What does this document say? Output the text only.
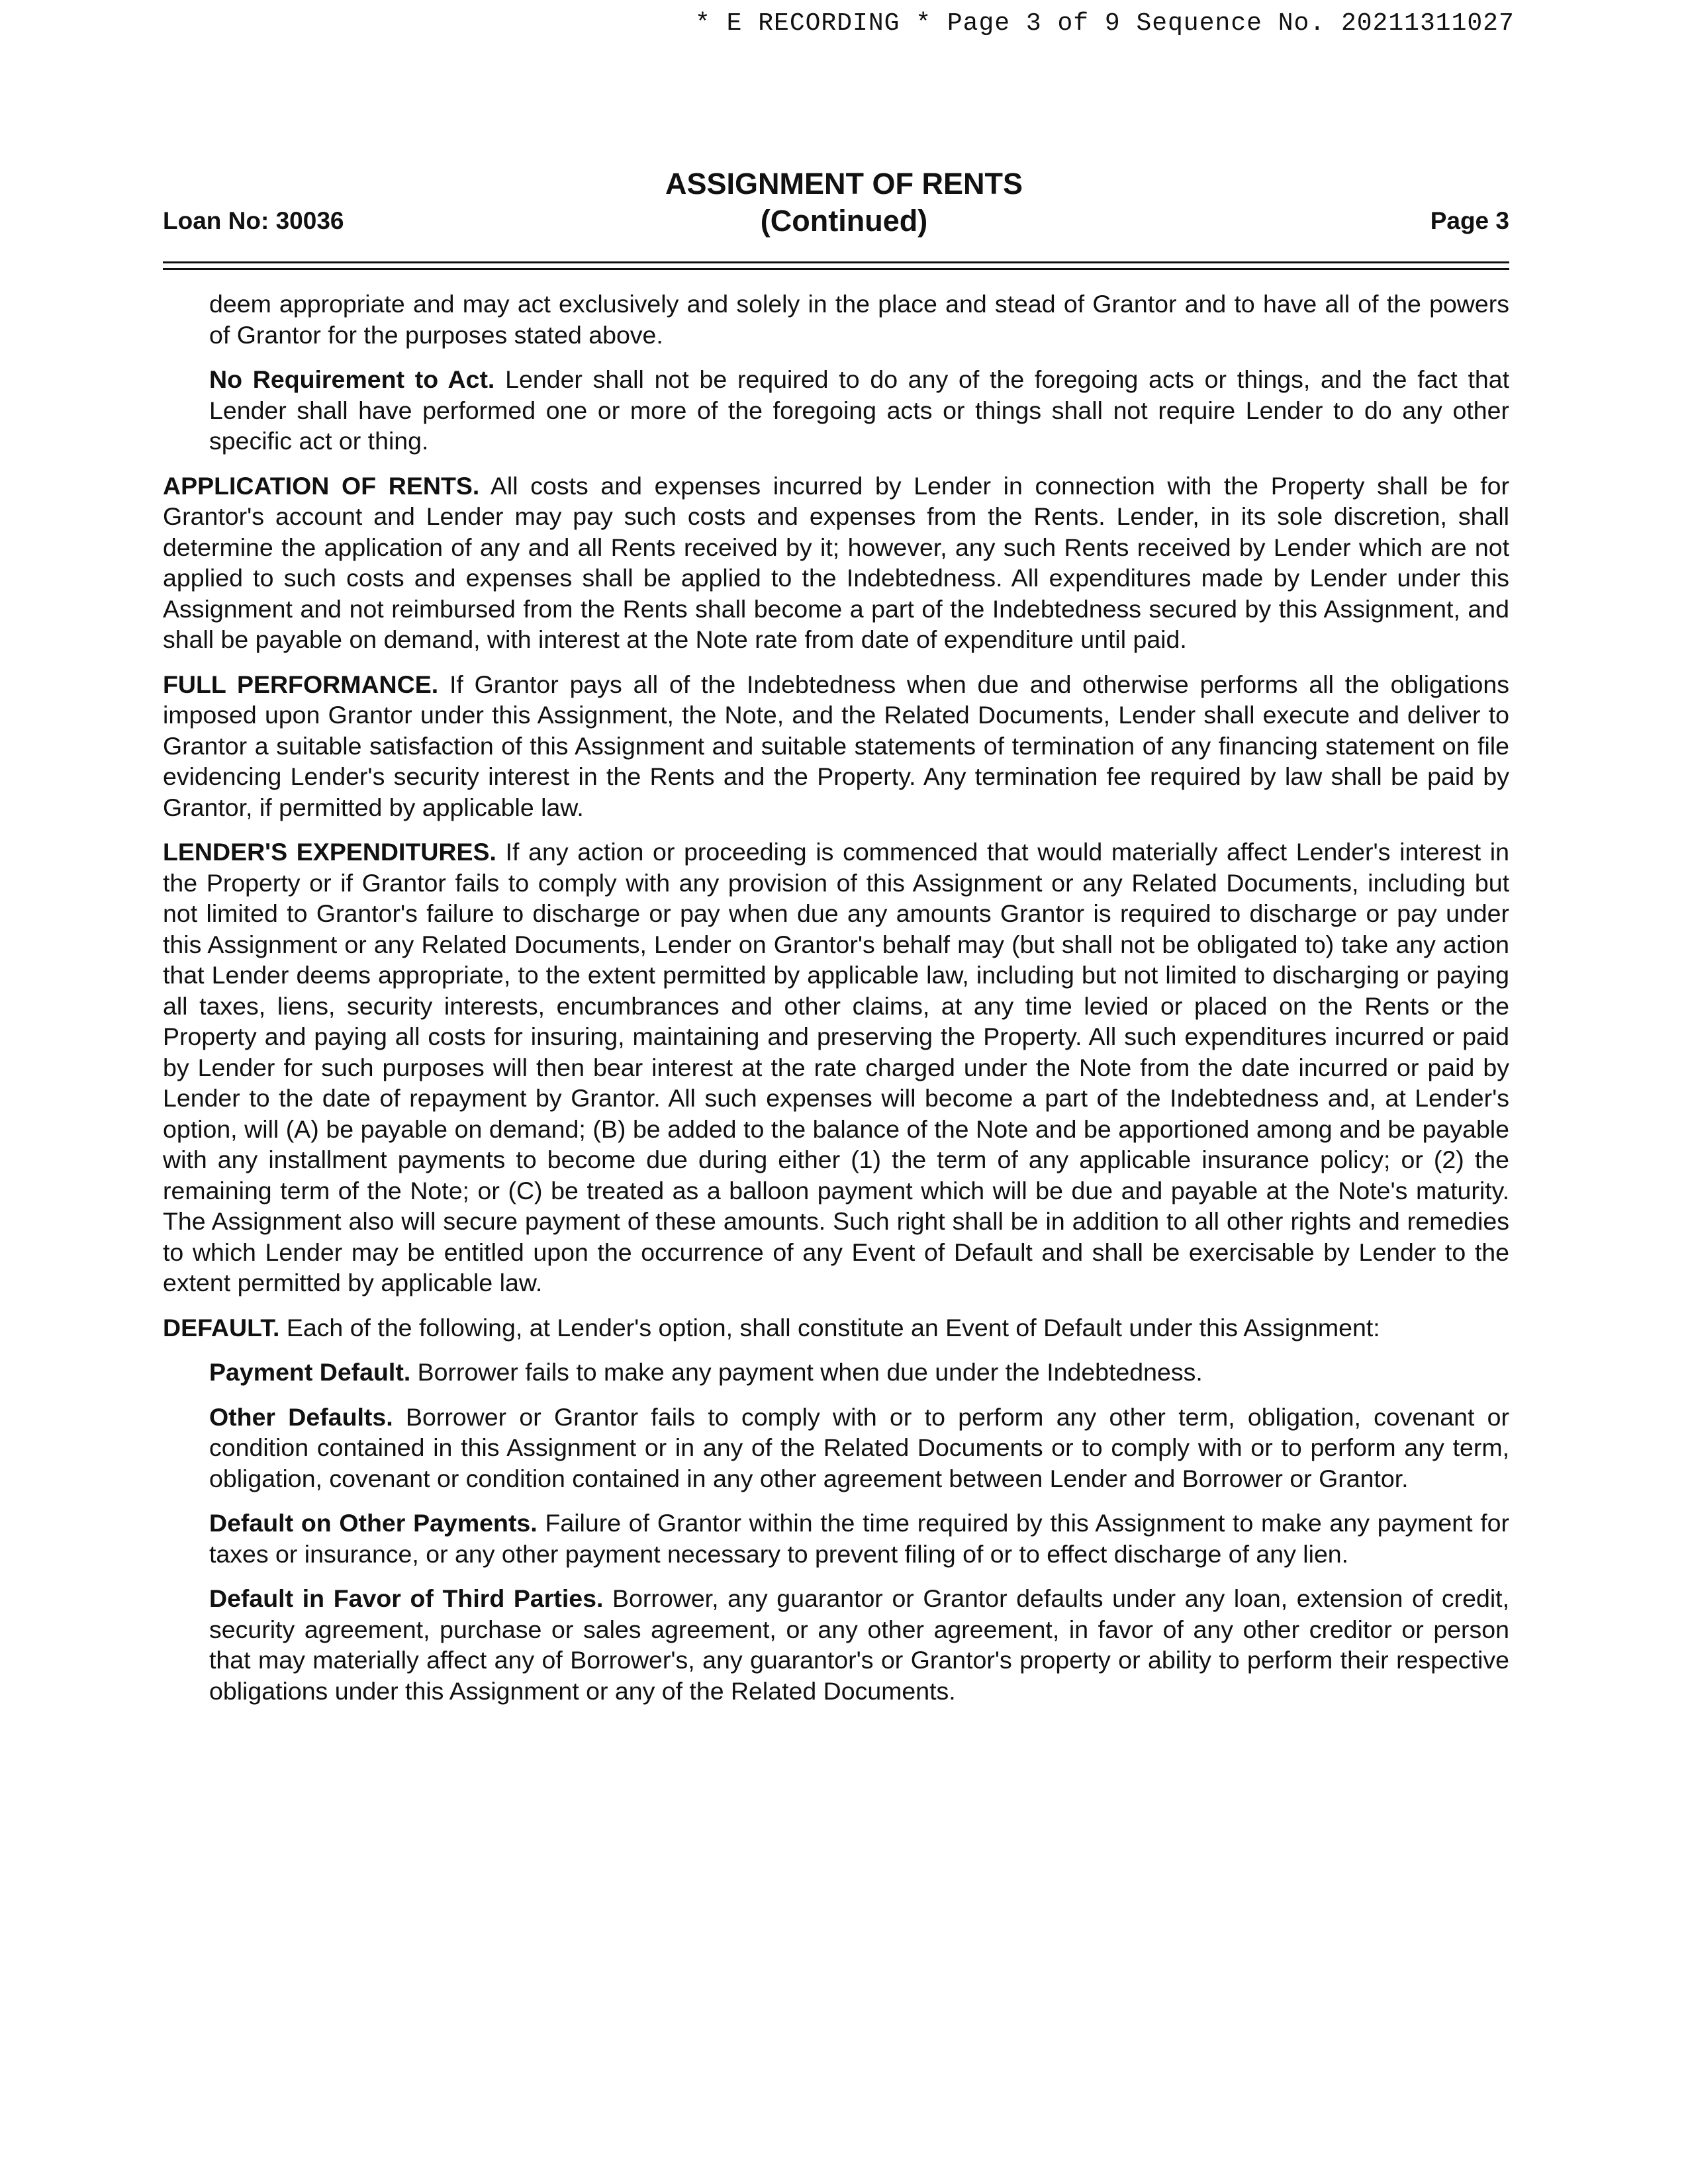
* E RECORDING * Page 3 of 9 Sequence No. 20211311027
ASSIGNMENT OF RENTS
(Continued)
Loan No: 30036	Page 3

deem appropriate and may act exclusively and solely in the place and stead of Grantor and to have all of the powers of Grantor for the purposes stated above.

No Requirement to Act. Lender shall not be required to do any of the foregoing acts or things, and the fact that Lender shall have performed one or more of the foregoing acts or things shall not require Lender to do any other specific act or thing.

APPLICATION OF RENTS. All costs and expenses incurred by Lender in connection with the Property shall be for Grantor's account and Lender may pay such costs and expenses from the Rents. Lender, in its sole discretion, shall determine the application of any and all Rents received by it; however, any such Rents received by Lender which are not applied to such costs and expenses shall be applied to the Indebtedness. All expenditures made by Lender under this Assignment and not reimbursed from the Rents shall become a part of the Indebtedness secured by this Assignment, and shall be payable on demand, with interest at the Note rate from date of expenditure until paid.

FULL PERFORMANCE. If Grantor pays all of the Indebtedness when due and otherwise performs all the obligations imposed upon Grantor under this Assignment, the Note, and the Related Documents, Lender shall execute and deliver to Grantor a suitable satisfaction of this Assignment and suitable statements of termination of any financing statement on file evidencing Lender's security interest in the Rents and the Property. Any termination fee required by law shall be paid by Grantor, if permitted by applicable law.

LENDER'S EXPENDITURES. If any action or proceeding is commenced that would materially affect Lender's interest in the Property or if Grantor fails to comply with any provision of this Assignment or any Related Documents, including but not limited to Grantor's failure to discharge or pay when due any amounts Grantor is required to discharge or pay under this Assignment or any Related Documents, Lender on Grantor's behalf may (but shall not be obligated to) take any action that Lender deems appropriate, to the extent permitted by applicable law, including but not limited to discharging or paying all taxes, liens, security interests, encumbrances and other claims, at any time levied or placed on the Rents or the Property and paying all costs for insuring, maintaining and preserving the Property. All such expenditures incurred or paid by Lender for such purposes will then bear interest at the rate charged under the Note from the date incurred or paid by Lender to the date of repayment by Grantor. All such expenses will become a part of the Indebtedness and, at Lender's option, will (A) be payable on demand; (B) be added to the balance of the Note and be apportioned among and be payable with any installment payments to become due during either (1) the term of any applicable insurance policy; or (2) the remaining term of the Note; or (C) be treated as a balloon payment which will be due and payable at the Note's maturity. The Assignment also will secure payment of these amounts. Such right shall be in addition to all other rights and remedies to which Lender may be entitled upon the occurrence of any Event of Default and shall be exercisable by Lender to the extent permitted by applicable law.

DEFAULT. Each of the following, at Lender's option, shall constitute an Event of Default under this Assignment:

Payment Default. Borrower fails to make any payment when due under the Indebtedness.

Other Defaults. Borrower or Grantor fails to comply with or to perform any other term, obligation, covenant or condition contained in this Assignment or in any of the Related Documents or to comply with or to perform any term, obligation, covenant or condition contained in any other agreement between Lender and Borrower or Grantor.

Default on Other Payments. Failure of Grantor within the time required by this Assignment to make any payment for taxes or insurance, or any other payment necessary to prevent filing of or to effect discharge of any lien.

Default in Favor of Third Parties. Borrower, any guarantor or Grantor defaults under any loan, extension of credit, security agreement, purchase or sales agreement, or any other agreement, in favor of any other creditor or person that may materially affect any of Borrower's, any guarantor's or Grantor's property or ability to perform their respective obligations under this Assignment or any of the Related Documents.
